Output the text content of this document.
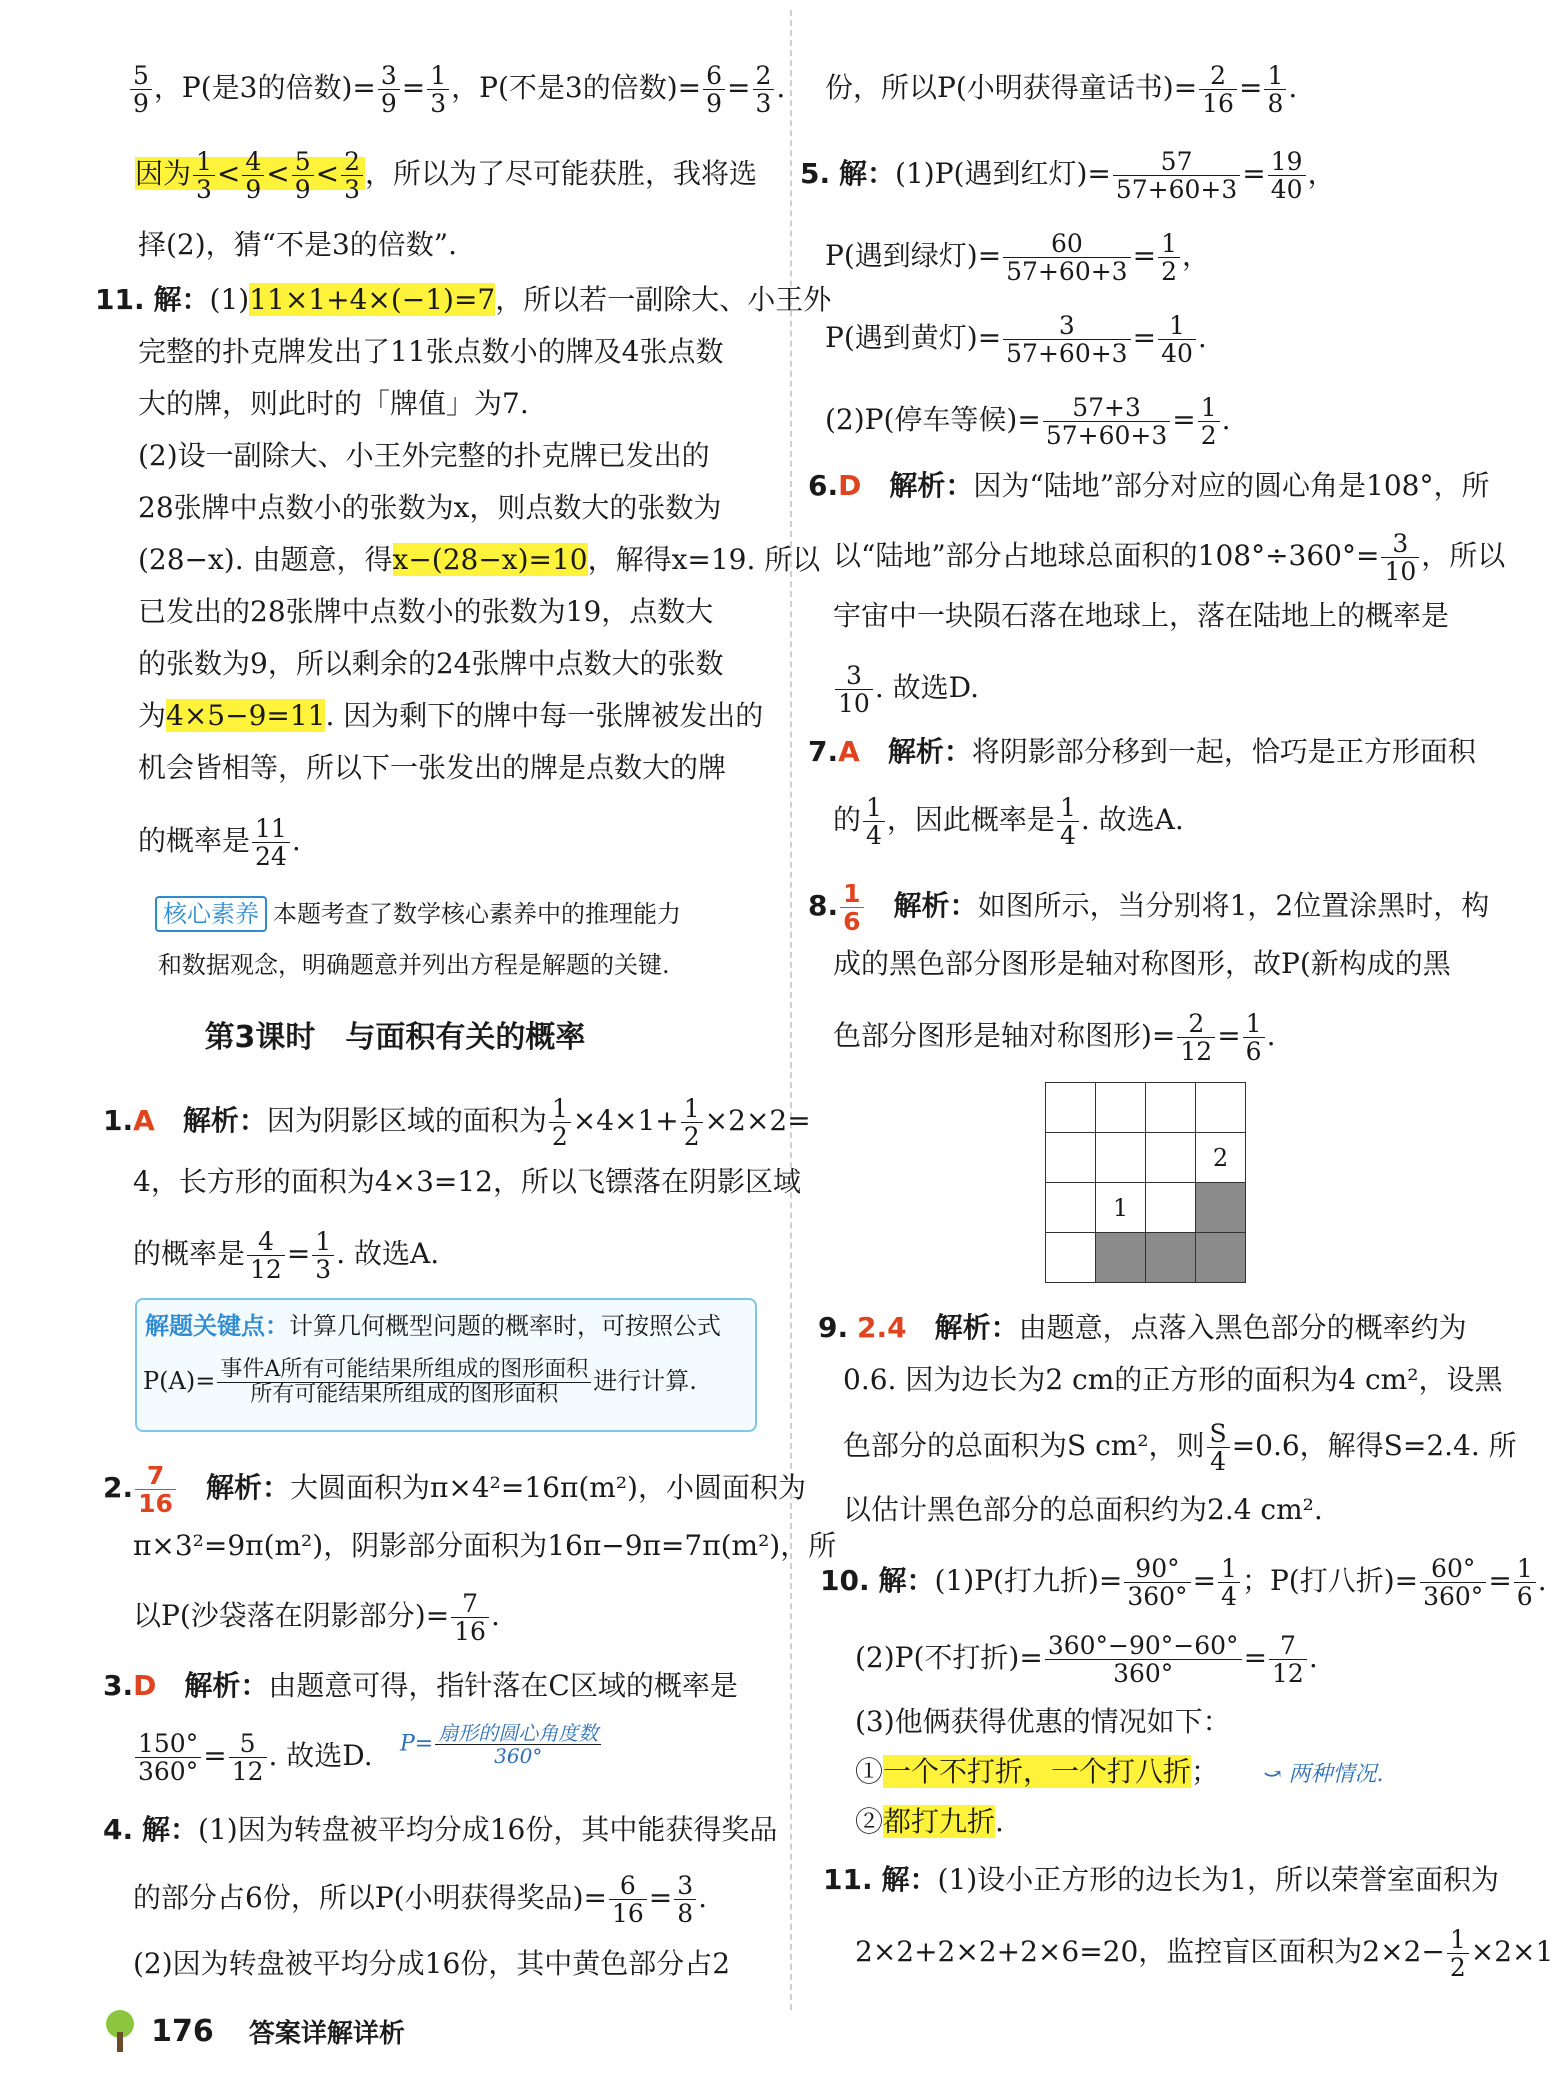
$\frac{5}{9}$ ，P(是3的倍数)= $\frac{3}{9} = \frac{1}{3}$ ，P(不是3的倍数)= $\frac{6}{9} = \frac{2}{3}$ .
因为 $\frac{1}{3} < \frac{4}{9} < \frac{5}{9} < \frac{2}{3}$ ，所以为了尽可能获胜，我将选
择(2)，猜“不是3的倍数”.
11. 解：(1)11×1+4×(−1)=7，所以若一副除大、小王外
完整的扑克牌发出了11张点数小的牌及4张点数
大的牌，则此时的「牌值」为7.
(2)设一副除大、小王外完整的扑克牌已发出的
28张牌中点数小的张数为x，则点数大的张数为
(28−x). 由题意，得x−(28−x)=10，解得x=19. 所以
已发出的28张牌中点数小的张数为19，点数大
的张数为9，所以剩余的24张牌中点数大的张数
为4×5−9=11. 因为剩下的牌中每一张牌被发出的
机会皆相等，所以下一张发出的牌是点数大的牌
的概率是 $\frac{11}{24}$ .
核心素养 本题考查了数学核心素养中的推理能力
和数据观念，明确题意并列出方程是解题的关键.
第3课时　与面积有关的概率
1.A　 解析：因为阴影区域的面积为 $\frac{1}{2} \times 4\times 1+ \frac{1}{2} \times 2\times 2=$
4，长方形的面积为4×3=12，所以飞镖落在阴影区域
的概率是 $\frac{4}{12} = \frac{1}{3}$ . 故选A.
解题关键点：计算几何概型问题的概率时，可按照公式
$P(A)= \frac{\text{事件A所有可能结果所组成的图形面积}}{\text{所有可能结果所组成的图形面积}}$ 进行计算.
2. $\frac{7}{16}$
　 解析：大圆面积为π×4²=16π(m²)，小圆面积为
π×3²=9π(m²)，阴影部分面积为16π−9π=7π(m²)，所
以P(沙袋落在阴影部分)= $\frac{7}{16}$ .
3.D　 解析：由题意可得，指针落在C区域的概率是
$\frac{150^\circ}{360^\circ} = \frac{5}{12}$ . 故选D. $P= \frac{\text{扇形的圆心角度数}}{360^\circ}$
4. 解：(1)因为转盘被平均分成16份，其中能获得奖品
的部分占6份，所以P(小明获得奖品)= $\frac{6}{16} = \frac{3}{8}$ .
(2)因为转盘被平均分成16份，其中黄色部分占2
份，所以P(小明获得童话书)= $\frac{2}{16} = \frac{1}{8}$ .
5. 解：(1)P(遇到红灯)= $\frac{57}{57+60+3} = \frac{19}{40}$ ，
P(遇到绿灯)= $\frac{60}{57+60+3} = \frac{1}{2}$ ，
P(遇到黄灯)= $\frac{3}{57+60+3} = \frac{1}{40}$ .
(2)P(停车等候)= $\frac{57+3}{57+60+3} = \frac{1}{2}$ .
6.D　 解析：因为“陆地”部分对应的圆心角是108°，所
以“陆地”部分占地球总面积的$108^\circ\div 360^\circ= \frac{3}{10}$ ，所以
宇宙中一块陨石落在地球上，落在陆地上的概率是
$\frac{3}{10}$ . 故选D.
7.A　 解析：将阴影部分移到一起，恰巧是正方形面积
的 $\frac{1}{4}$ ，因此概率是 $\frac{1}{4}$ . 故选A.
8. $\frac{1}{6}$
　 解析：如图所示，当分别将1，2位置涂黑时，构
成的黑色部分图形是轴对称图形，故P(新构成的黑
色部分图形是轴对称图形)= $\frac{2}{12} = \frac{1}{6}$ .
9. 2.4　 解析：由题意，点落入黑色部分的概率约为
0.6. 因为边长为2 cm的正方形的面积为4 cm²，设黑
色部分的总面积为S cm²，则 $\frac{S}{4} =0.6$，解得S=2.4. 所
以估计黑色部分的总面积约为2.4 cm².
10. 解：(1)P(打九折)= $\frac{90^\circ}{360^\circ} = \frac{1}{4}$ ；P(打八折)= $\frac{60^\circ}{360^\circ} = \frac{1}{6}$ .
(2)P(不打折)= $\frac{360^\circ-90^\circ-60^\circ}{360^\circ} = \frac{7}{12}$ .
(3)他俩获得优惠的情况如下：
①一个不打折，一个打八折；　	⤻ 两种情况.
②都打九折.
11. 解：(1)设小正方形的边长为1，所以荣誉室面积为
2×2+2×2+2×6=20，监控盲区面积为$2\times 2- \frac{1}{2} \times 2\times 1$
2
1
176 答案详解详析
